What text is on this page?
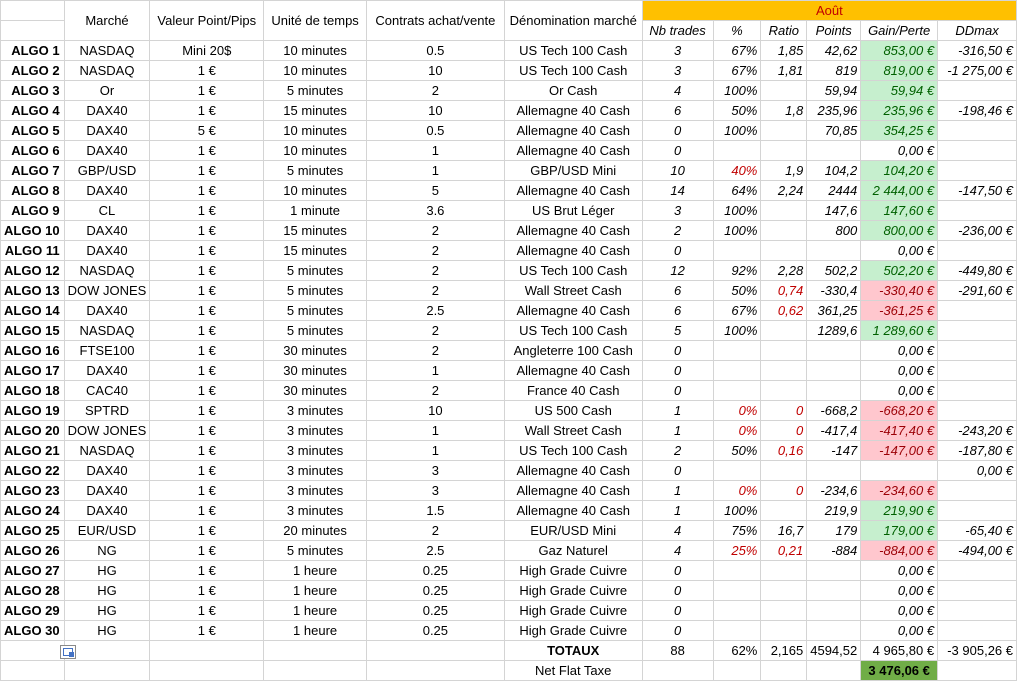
	Marché	Valeur Point/Pips	Unité de temps	Contrats achat/vente	Dénomination marché	Août					
						Nb trades	%	Ratio	Points	Gain/Perte	DDmax
ALGO 1	NASDAQ	Mini 20$	10 minutes	0.5	US Tech 100 Cash	3	67%	1,85	42,62	853,00 €	-316,50 €
ALGO 2	NASDAQ	1 €	10 minutes	10	US Tech 100 Cash	3	67%	1,81	819	819,00 €	-1 275,00 €
ALGO 3	Or	1 €	5 minutes	2	Or Cash	4	100%		59,94	59,94 €	
ALGO 4	DAX40	1 €	15 minutes	10	Allemagne 40 Cash	6	50%	1,8	235,96	235,96 €	-198,46 €
ALGO 5	DAX40	5 €	10 minutes	0.5	Allemagne 40 Cash	0	100%		70,85	354,25 €	
ALGO 6	DAX40	1 €	10 minutes	1	Allemagne 40 Cash	0				0,00 €	
ALGO 7	GBP/USD	1 €	5 minutes	1	GBP/USD Mini	10	40%	1,9	104,2	104,20 €	
ALGO 8	DAX40	1 €	10 minutes	5	Allemagne 40 Cash	14	64%	2,24	2444	2 444,00 €	-147,50 €
ALGO 9	CL	1 €	1 minute	3.6	US Brut Léger	3	100%		147,6	147,60 €	
ALGO 10	DAX40	1 €	15 minutes	2	Allemagne 40 Cash	2	100%		800	800,00 €	-236,00 €
ALGO 11	DAX40	1 €	15 minutes	2	Allemagne 40 Cash	0				0,00 €	
ALGO 12	NASDAQ	1 €	5 minutes	2	US Tech 100 Cash	12	92%	2,28	502,2	502,20 €	-449,80 €
ALGO 13	DOW JONES	1 €	5 minutes	2	Wall Street Cash	6	50%	0,74	-330,4	-330,40 €	-291,60 €
ALGO 14	DAX40	1 €	5 minutes	2.5	Allemagne 40 Cash	6	67%	0,62	361,25	-361,25 €	
ALGO 15	NASDAQ	1 €	5 minutes	2	US Tech 100 Cash	5	100%		1289,6	1 289,60 €	
ALGO 16	FTSE100	1 €	30 minutes	2	Angleterre 100 Cash	0				0,00 €	
ALGO 17	DAX40	1 €	30 minutes	1	Allemagne 40 Cash	0				0,00 €	
ALGO 18	CAC40	1 €	30 minutes	2	France 40 Cash	0				0,00 €	
ALGO 19	SPTRD	1 €	3 minutes	10	US 500 Cash	1	0%	0	-668,2	-668,20 €	
ALGO 20	DOW JONES	1 €	3 minutes	1	Wall Street Cash	1	0%	0	-417,4	-417,40 €	-243,20 €
ALGO 21	NASDAQ	1 €	3 minutes	1	US Tech 100 Cash	2	50%	0,16	-147	-147,00 €	-187,80 €
ALGO 22	DAX40	1 €	3 minutes	3	Allemagne 40 Cash	0					0,00 €
ALGO 23	DAX40	1 €	3 minutes	3	Allemagne 40 Cash	1	0%	0	-234,6	-234,60 €	
ALGO 24	DAX40	1 €	3 minutes	1.5	Allemagne 40 Cash	1	100%		219,9	219,90 €	
ALGO 25	EUR/USD	1 €	20 minutes	2	EUR/USD Mini	4	75%	16,7	179	179,00 €	-65,40 €
ALGO 26	NG	1 €	5 minutes	2.5	Gaz Naturel	4	25%	0,21	-884	-884,00 €	-494,00 €
ALGO 27	HG	1 €	1 heure	0.25	High Grade Cuivre	0				0,00 €	
ALGO 28	HG	1 €	1 heure	0.25	High Grade Cuivre	0				0,00 €	
ALGO 29	HG	1 €	1 heure	0.25	High Grade Cuivre	0				0,00 €	
ALGO 30	HG	1 €	1 heure	0.25	High Grade Cuivre	0				0,00 €	
					TOTAUX	88	62%	2,165	4594,52	4 965,80 €	-3 905,26 €
					Net Flat Taxe					3 476,06 €	
